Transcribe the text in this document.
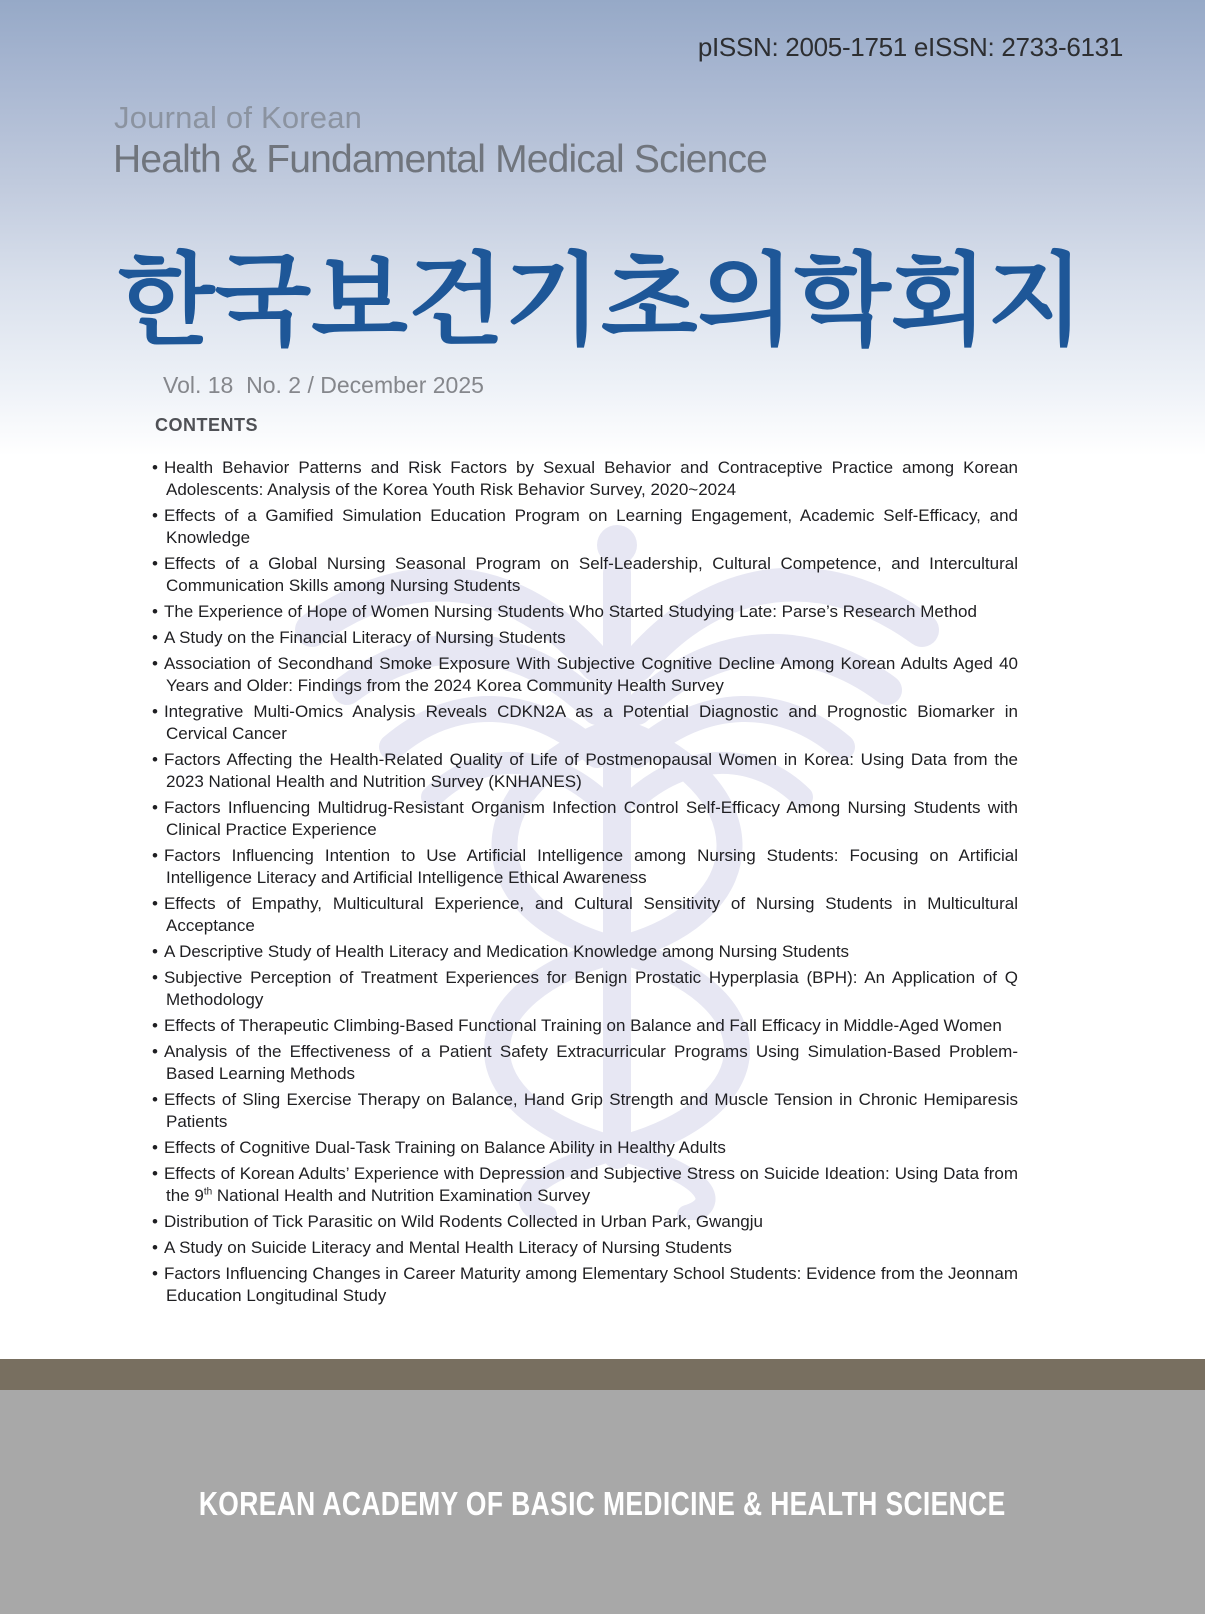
pISSN: 2005-1751 eISSN: 2733-6131
Journal of Korean
Health & Fundamental Medical Science
한국보건기초의학회지
Vol. 18  No. 2 / December 2025
CONTENTS
• Health Behavior Patterns and Risk Factors by Sexual Behavior and Contraceptive Practice among Korean Adolescents: Analysis of the Korea Youth Risk Behavior Survey, 2020~2024
• Effects of a Gamified Simulation Education Program on Learning Engagement, Academic Self-Efficacy, and Knowledge
• Effects of a Global Nursing Seasonal Program on Self-Leadership, Cultural Competence, and Intercultural Communication Skills among Nursing Students
• The Experience of Hope of Women Nursing Students Who Started Studying Late: Parse’s Research Method
• A Study on the Financial Literacy of Nursing Students
• Association of Secondhand Smoke Exposure With Subjective Cognitive Decline Among Korean Adults Aged 40 Years and Older: Findings from the 2024 Korea Community Health Survey
• Integrative Multi-Omics Analysis Reveals CDKN2A as a Potential Diagnostic and Prognostic Biomarker in Cervical Cancer
• Factors Affecting the Health-Related Quality of Life of Postmenopausal Women in Korea: Using Data from the 2023 National Health and Nutrition Survey (KNHANES)
• Factors Influencing Multidrug-Resistant Organism Infection Control Self-Efficacy Among Nursing Students with Clinical Practice Experience
• Factors Influencing Intention to Use Artificial Intelligence among Nursing Students: Focusing on Artificial Intelligence Literacy and Artificial Intelligence Ethical Awareness
• Effects of Empathy, Multicultural Experience, and Cultural Sensitivity of Nursing Students in Multicultural Acceptance
• A Descriptive Study of Health Literacy and Medication Knowledge among Nursing Students
• Subjective Perception of Treatment Experiences for Benign Prostatic Hyperplasia (BPH): An Application of Q Methodology
• Effects of Therapeutic Climbing-Based Functional Training on Balance and Fall Efficacy in Middle-Aged Women
• Analysis of the Effectiveness of a Patient Safety Extracurricular Programs Using Simulation-Based Problem-Based Learning Methods
• Effects of Sling Exercise Therapy on Balance, Hand Grip Strength and Muscle Tension in Chronic Hemiparesis Patients
• Effects of Cognitive Dual-Task Training on Balance Ability in Healthy Adults
• Effects of Korean Adults’ Experience with Depression and Subjective Stress on Suicide Ideation: Using Data from the 9th National Health and Nutrition Examination Survey
• Distribution of Tick Parasitic on Wild Rodents Collected in Urban Park, Gwangju
• A Study on Suicide Literacy and Mental Health Literacy of Nursing Students
• Factors Influencing Changes in Career Maturity among Elementary School Students: Evidence from the Jeonnam Education Longitudinal Study
KOREAN ACADEMY OF BASIC MEDICINE & HEALTH SCIENCE
